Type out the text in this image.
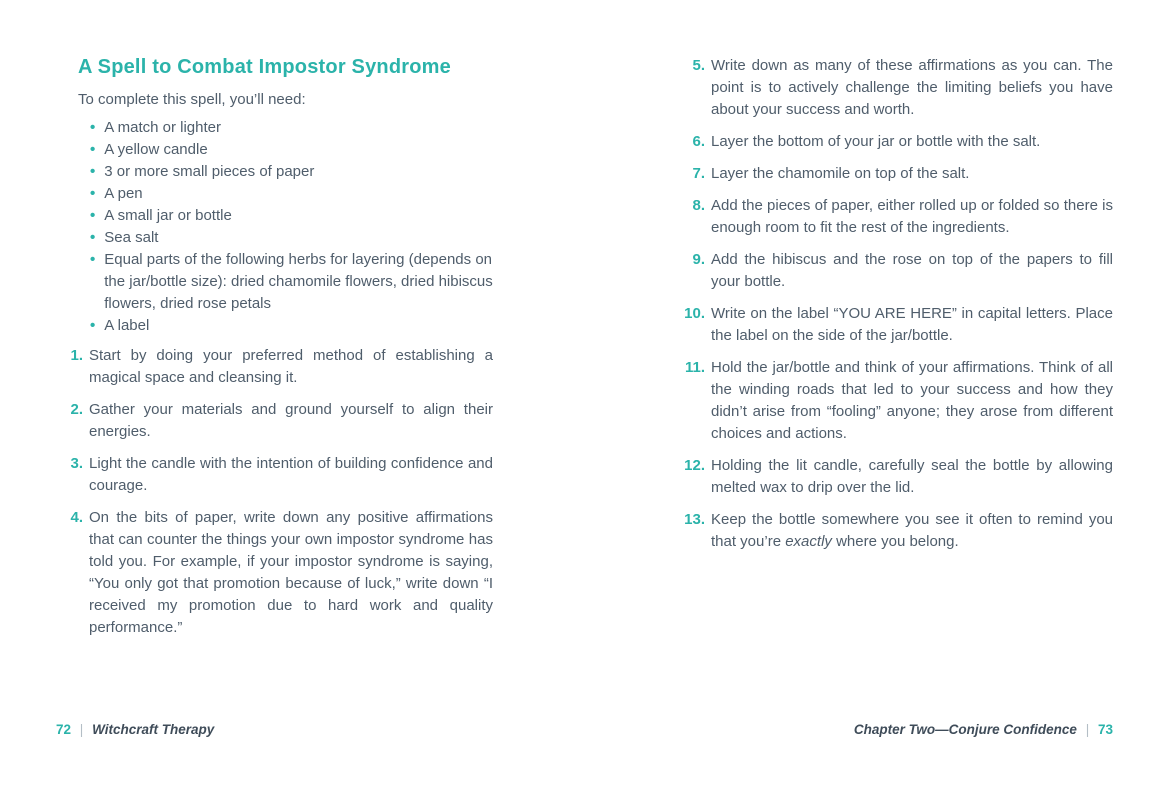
A Spell to Combat Impostor Syndrome

To complete this spell, you’ll need:

• A match or lighter
• A yellow candle
• 3 or more small pieces of paper
• A pen
• A small jar or bottle
• Sea salt
• Equal parts of the following herbs for layering (depends on the jar/bottle size): dried chamomile flowers, dried hibiscus flowers, dried rose petals
• A label
1. Start by doing your preferred method of establishing a magical space and cleansing it.
2. Gather your materials and ground yourself to align their energies.
3. Light the candle with the intention of building confidence and courage.
4. On the bits of paper, write down any positive affirmations that can counter the things your own impostor syndrome has told you. For example, if your impostor syndrome is saying, “You only got that promotion because of luck,” write down “I received my promotion due to hard work and quality performance.”
5. Write down as many of these affirmations as you can. The point is to actively challenge the limiting beliefs you have about your success and worth.
6. Layer the bottom of your jar or bottle with the salt.
7. Layer the chamomile on top of the salt.
8. Add the pieces of paper, either rolled up or folded so there is enough room to fit the rest of the ingredients.
9. Add the hibiscus and the rose on top of the papers to fill your bottle.
10. Write on the label “YOU ARE HERE” in capital letters. Place the label on the side of the jar/bottle.
11. Hold the jar/bottle and think of your affirmations. Think of all the winding roads that led to your success and how they didn’t arise from “fooling” anyone; they arose from different choices and actions.
12. Holding the lit candle, carefully seal the bottle by allowing melted wax to drip over the lid.
13. Keep the bottle somewhere you see it often to remind you that you’re exactly where you belong.
72 | Witchcraft Therapy	Chapter Two—Conjure Confidence | 73
